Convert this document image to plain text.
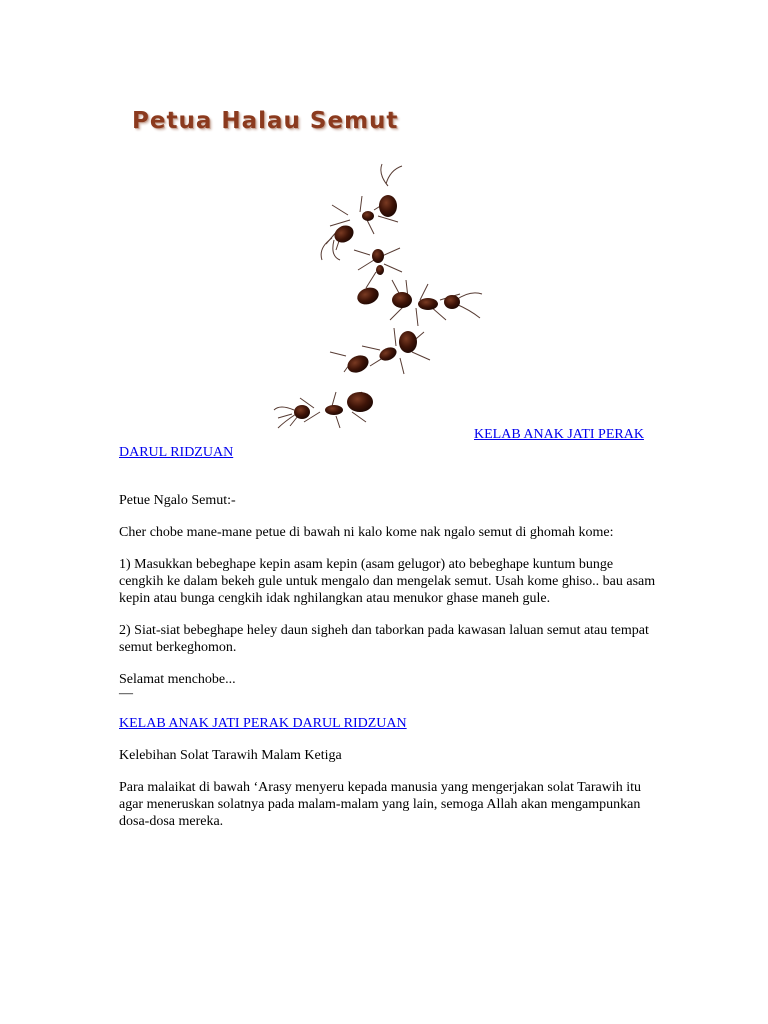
Petua Halau Semut
KELAB ANAK JATI PERAK
DARUL RIDZUAN

Petue Ngalo Semut:-

Cher chobe mane-mane petue di bawah ni kalo kome nak ngalo semut di ghomah kome:

1) Masukkan bebeghape kepin asam kepin (asam gelugor) ato bebeghape kuntum bunge cengkih ke dalam bekeh gule untuk mengalo dan mengelak semut. Usah kome ghiso.. bau asam kepin atau bunga cengkih idak nghilangkan atau menukor ghase maneh gule.

2) Siat-siat bebeghape heley daun sigheh dan taborkan pada kawasan laluan semut atau tempat semut berkeghomon.

Selamat menchobe...

—

KELAB ANAK JATI PERAK DARUL RIDZUAN

Kelebihan Solat Tarawih Malam Ketiga

Para malaikat di bawah ‘Arasy menyeru kepada manusia yang mengerjakan solat Tarawih itu agar meneruskan solatnya pada malam-malam yang lain, semoga Allah akan mengampunkan dosa-dosa mereka.
